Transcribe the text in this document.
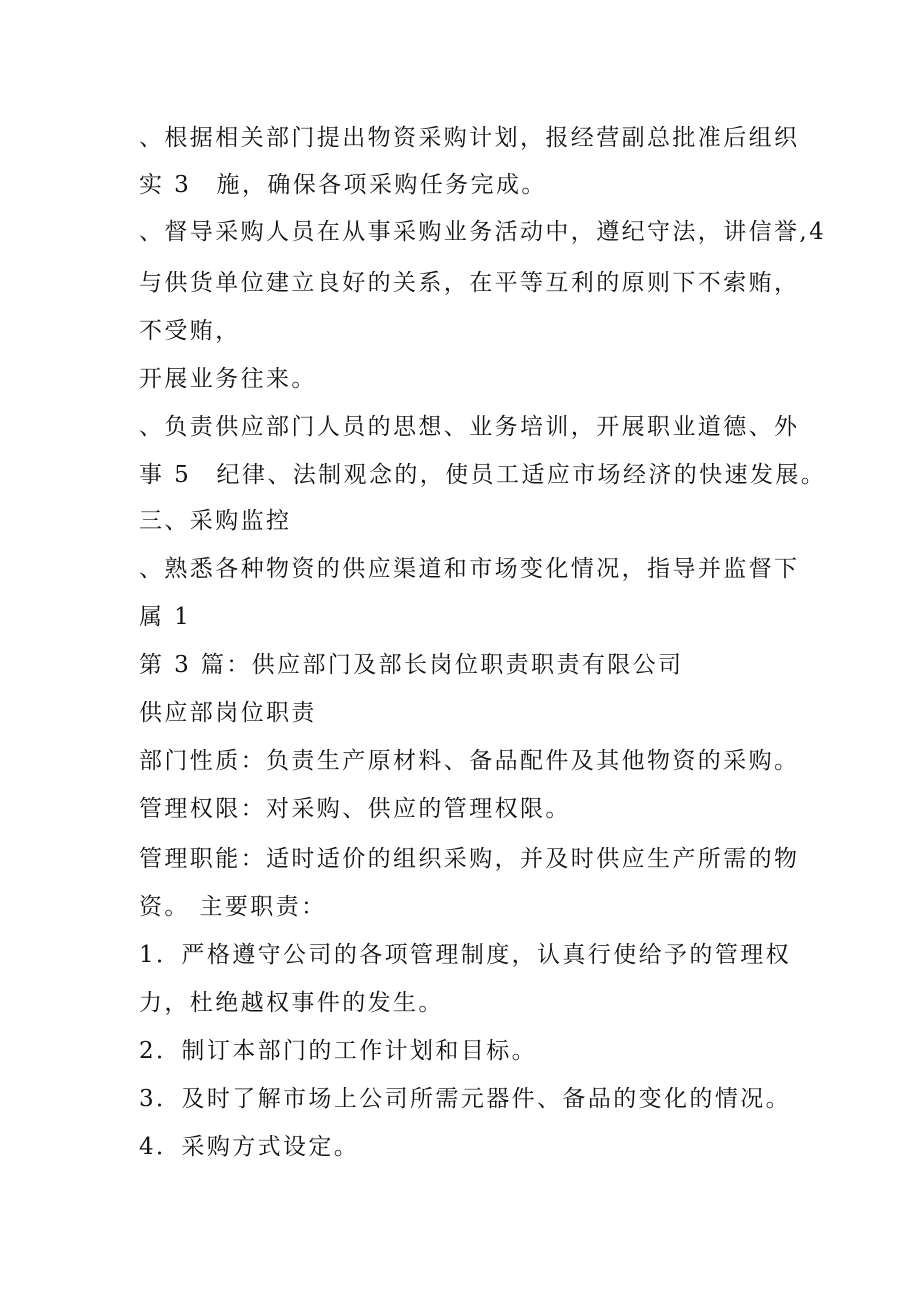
、根据相关部门提出物资采购计划，报经营副总批准后组织
实 3　施，确保各项采购任务完成。
、督导采购人员在从事采购业务活动中，遵纪守法，讲信誉,4
与供货单位建立良好的关系，在平等互利的原则下不索贿，
不受贿，
开展业务往来。
、负责供应部门人员的思想、业务培训，开展职业道德、外
事 5　纪律、法制观念的，使员工适应市场经济的快速发展。
三、采购监控
、熟悉各种物资的供应渠道和市场变化情况，指导并监督下
属 1
第 3 篇：供应部门及部长岗位职责职责有限公司
供应部岗位职责
部门性质：负责生产原材料、备品配件及其他物资的采购。
管理权限：对采购、供应的管理权限。
管理职能：适时适价的组织采购，并及时供应生产所需的物
资。 主要职责：
1．严格遵守公司的各项管理制度，认真行使给予的管理权
力，杜绝越权事件的发生。
2．制订本部门的工作计划和目标。
3．及时了解市场上公司所需元器件、备品的变化的情况。
4．采购方式设定。
